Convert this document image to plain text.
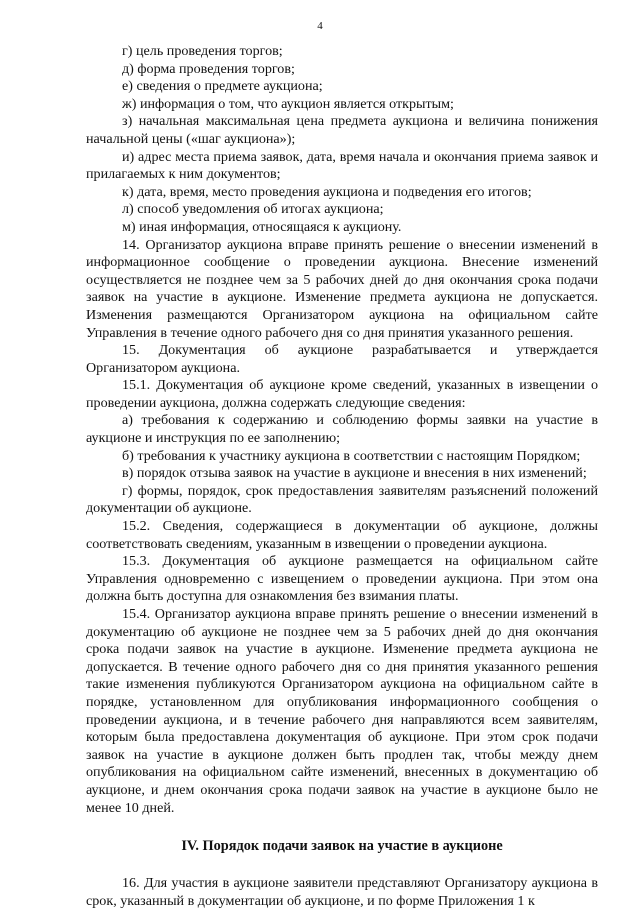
4

г) цель проведения торгов;

д) форма проведения торгов;

е) сведения о предмете аукциона;

ж) информация о том, что аукцион является открытым;

з) начальная максимальная цена предмета аукциона и величина понижения начальной цены («шаг аукциона»);

и) адрес места приема заявок, дата, время начала и окончания приема заявок и прилагаемых к ним документов;

к) дата, время, место проведения аукциона и подведения его итогов;

л) способ уведомления об итогах аукциона;

м) иная информация, относящаяся к аукциону.

14. Организатор аукциона вправе принять решение о внесении изменений в информационное сообщение о проведении аукциона. Внесение изменений осуществляется не позднее чем за 5 рабочих дней до дня окончания срока подачи заявок на участие в аукционе. Изменение предмета аукциона не допускается. Изменения размещаются Организатором аукциона на официальном сайте Управления в течение одного рабочего дня со дня принятия указанного решения.

15. Документация об аукционе разрабатывается и утверждается Организатором аукциона.

15.1. Документация об аукционе кроме сведений, указанных в извещении о проведении аукциона, должна содержать следующие сведения:

а) требования к содержанию и соблюдению формы заявки на участие в аукционе и инструкция по ее заполнению;

б) требования к участнику аукциона в соответствии с настоящим Порядком;

в) порядок отзыва заявок на участие в аукционе и внесения в них изменений;

г) формы, порядок, срок предоставления заявителям разъяснений положений документации об аукционе.

15.2. Сведения, содержащиеся в документации об аукционе, должны соответствовать сведениям, указанным в извещении о проведении аукциона.

15.3. Документация об аукционе размещается на официальном сайте Управления одновременно с извещением о проведении аукциона. При этом она должна быть доступна для ознакомления без взимания платы.

15.4. Организатор аукциона вправе принять решение о внесении изменений в документацию об аукционе не позднее чем за 5 рабочих дней до дня окончания срока подачи заявок на участие в аукционе. Изменение предмета аукциона не допускается. В течение одного рабочего дня со дня принятия указанного решения такие изменения публикуются Организатором аукциона на официальном сайте в порядке, установленном для опубликования информационного сообщения о проведении аукциона, и в течение рабочего дня направляются всем заявителям, которым была предоставлена документация об аукционе. При этом срок подачи заявок на участие в аукционе должен быть продлен так, чтобы между днем опубликования на официальном сайте изменений, внесенных в документацию об аукционе, и днем окончания срока подачи заявок на участие в аукционе было не менее 10 дней.

IV. Порядок подачи заявок на участие в аукционе

16. Для участия в аукционе заявители представляют Организатору аукциона в срок, указанный в документации об аукционе, и по форме Приложения 1 к
